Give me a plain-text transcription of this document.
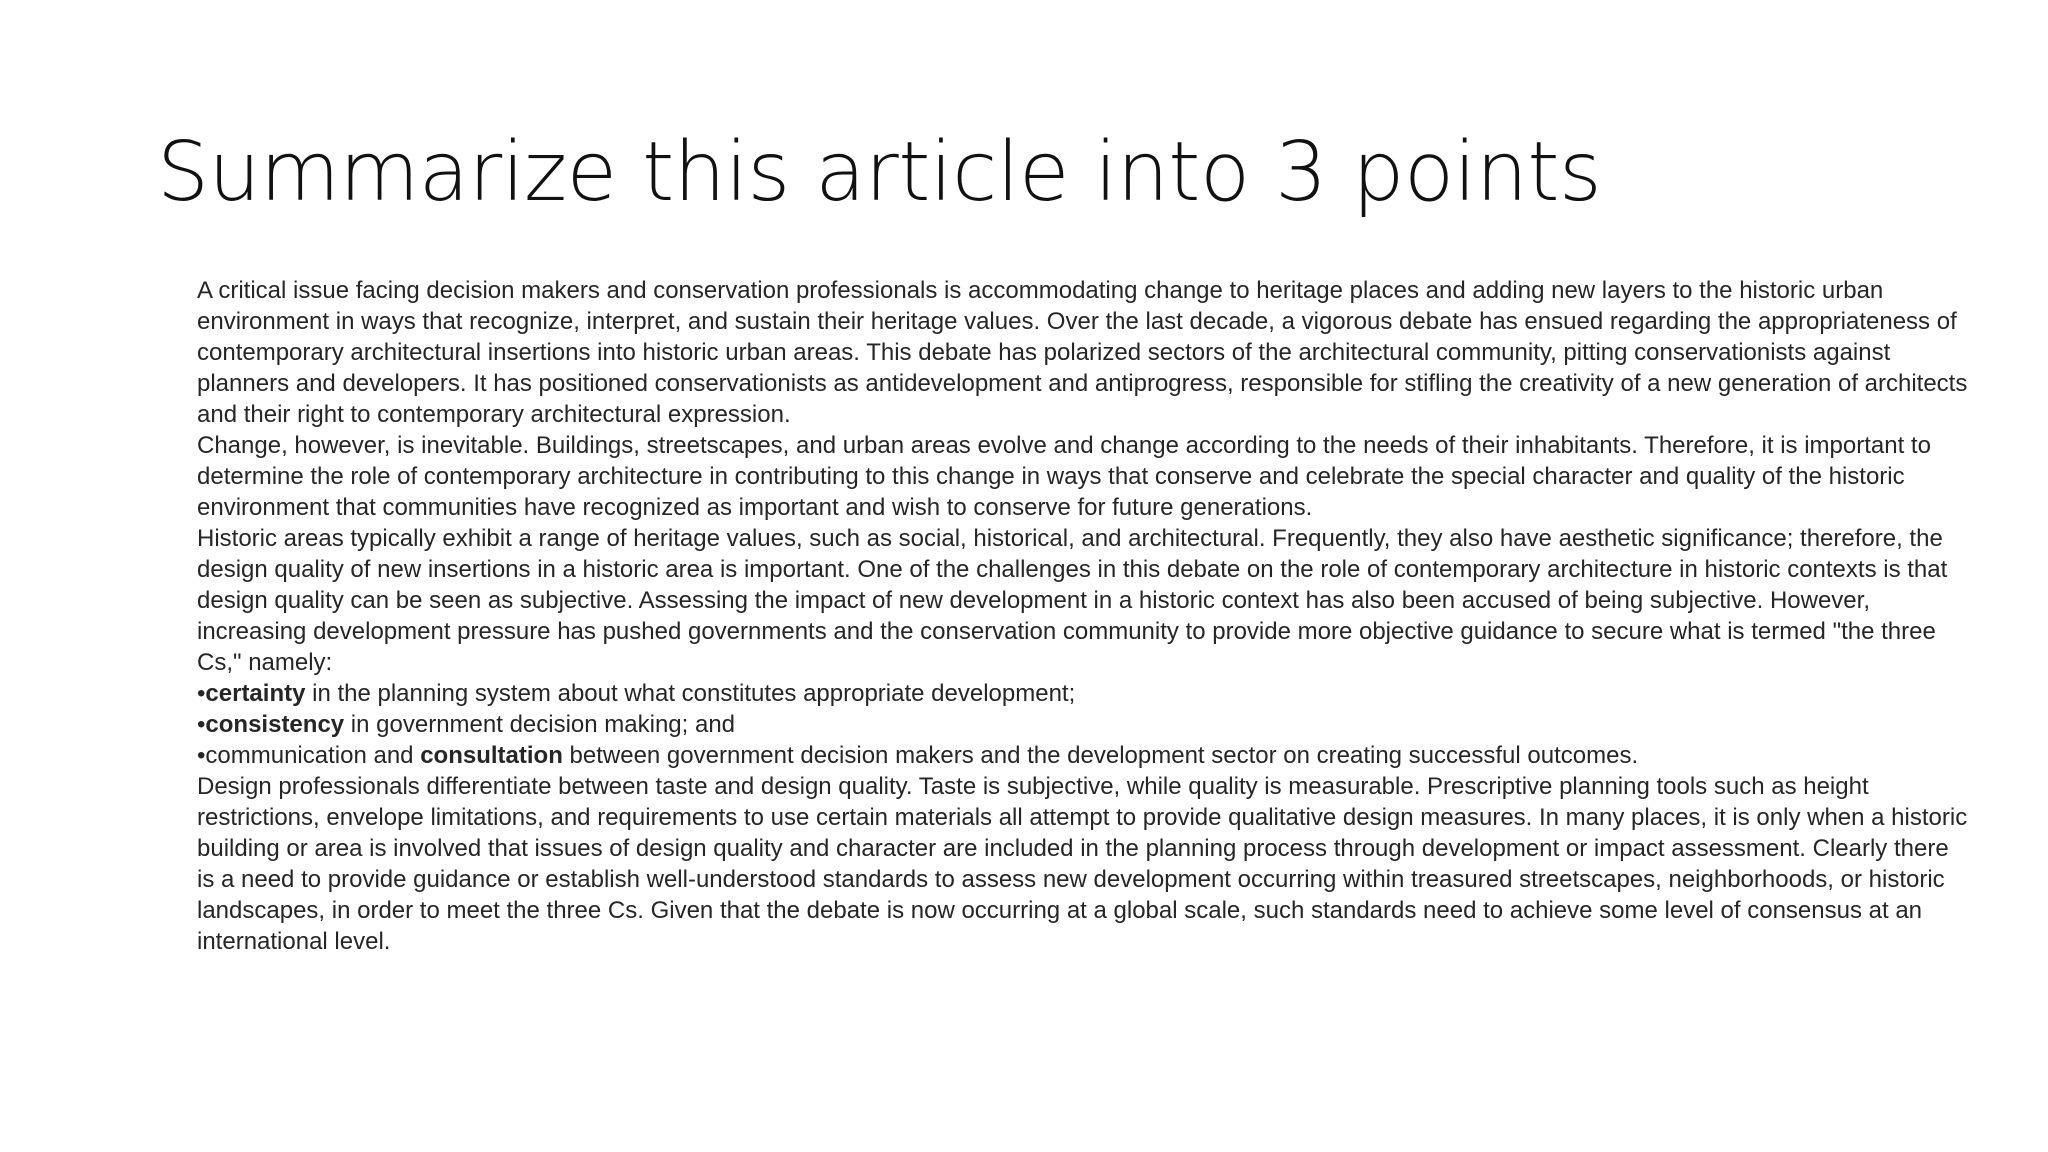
Summarize this article into 3 points

A critical issue facing decision makers and conservation professionals is accommodating change to heritage places and adding new layers to the historic urban environment in ways that recognize, interpret, and sustain their heritage values. Over the last decade, a vigorous debate has ensued regarding the appropriateness of contemporary architectural insertions into historic urban areas. This debate has polarized sectors of the architectural community, pitting conservationists against planners and developers. It has positioned conservationists as antidevelopment and antiprogress, responsible for stifling the creativity of a new generation of architects and their right to contemporary architectural expression.

Change, however, is inevitable. Buildings, streetscapes, and urban areas evolve and change according to the needs of their inhabitants. Therefore, it is important to determine the role of contemporary architecture in contributing to this change in ways that conserve and celebrate the special character and quality of the historic environment that communities have recognized as important and wish to conserve for future generations.

Historic areas typically exhibit a range of heritage values, such as social, historical, and architectural. Frequently, they also have aesthetic significance; therefore, the design quality of new insertions in a historic area is important. One of the challenges in this debate on the role of contemporary architecture in historic contexts is that design quality can be seen as subjective. Assessing the impact of new development in a historic context has also been accused of being subjective. However, increasing development pressure has pushed governments and the conservation community to provide more objective guidance to secure what is termed "the three Cs," namely:

•certainty in the planning system about what constitutes appropriate development;

•consistency in government decision making; and

•communication and consultation between government decision makers and the development sector on creating successful outcomes.

Design professionals differentiate between taste and design quality. Taste is subjective, while quality is measurable. Prescriptive planning tools such as height restrictions, envelope limitations, and requirements to use certain materials all attempt to provide qualitative design measures. In many places, it is only when a historic building or area is involved that issues of design quality and character are included in the planning process through development or impact assessment. Clearly there is a need to provide guidance or establish well-understood standards to assess new development occurring within treasured streetscapes, neighborhoods, or historic landscapes, in order to meet the three Cs. Given that the debate is now occurring at a global scale, such standards need to achieve some level of consensus at an international level.
